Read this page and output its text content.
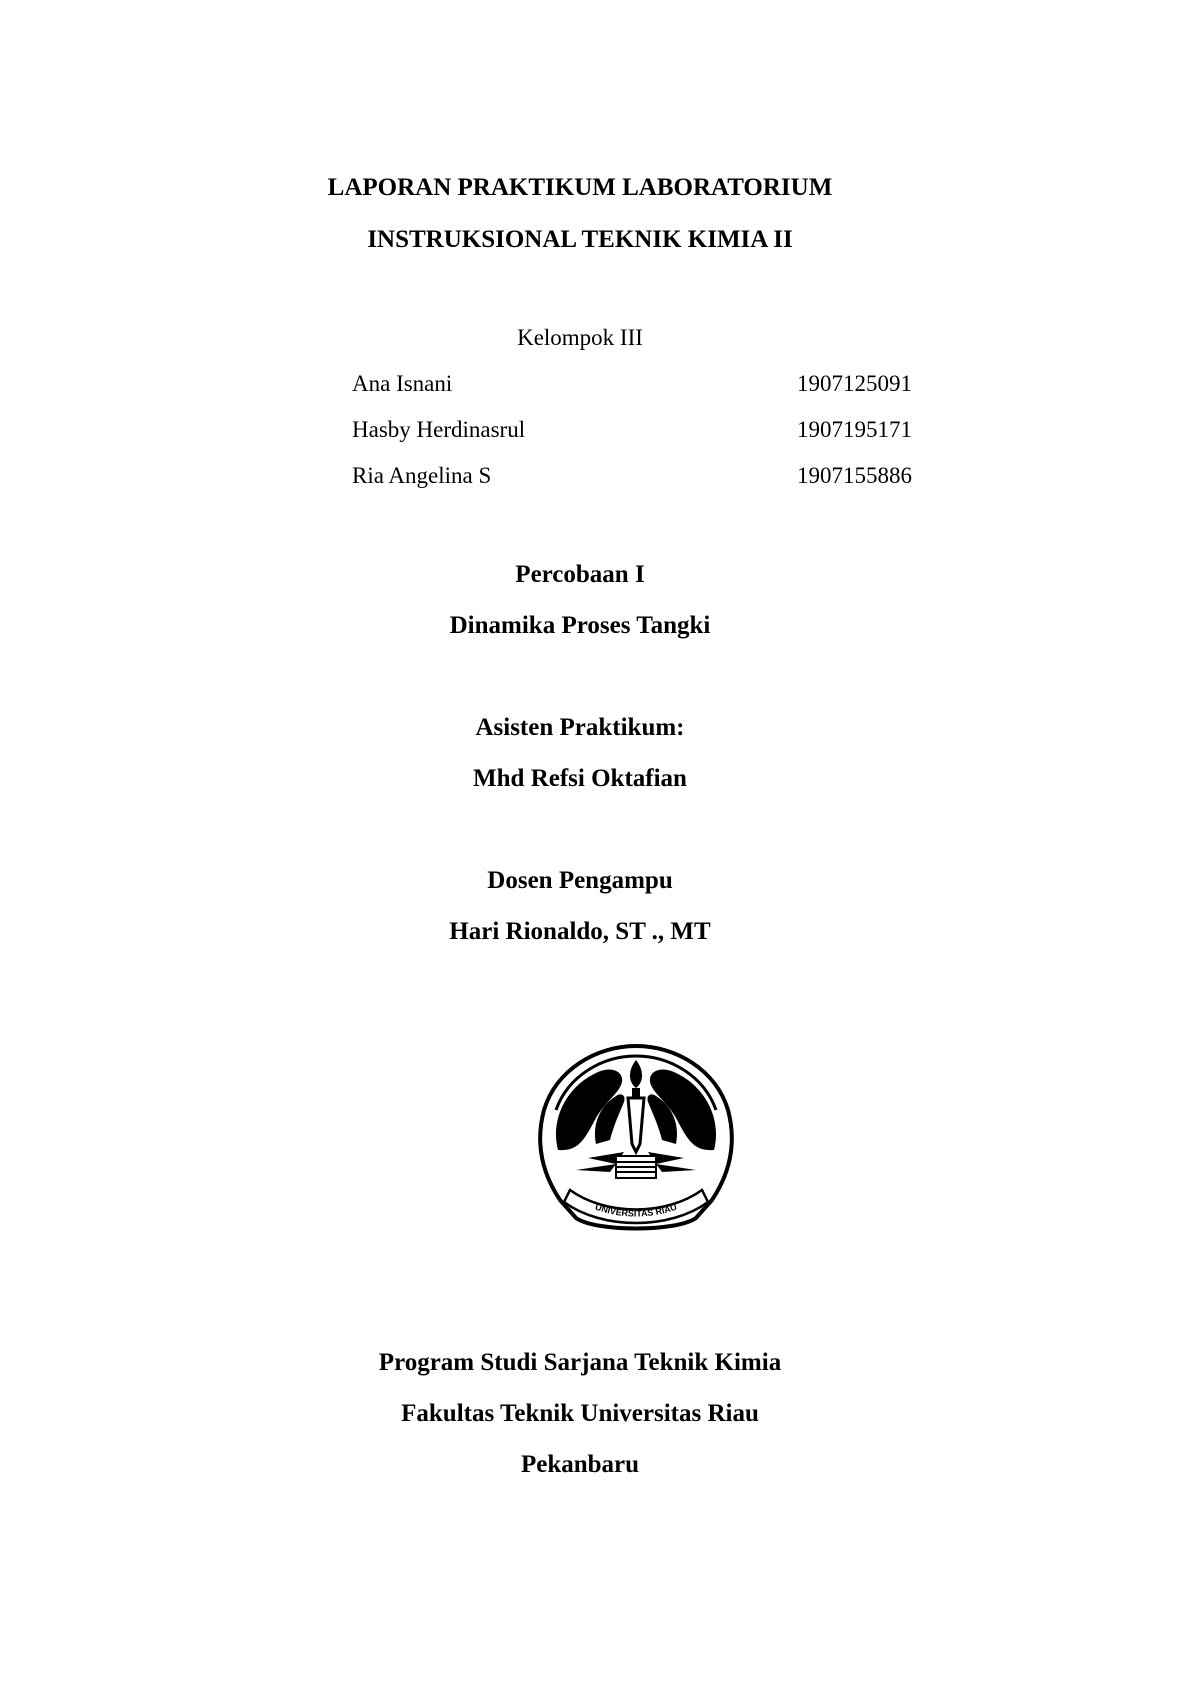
LAPORAN PRAKTIKUM LABORATORIUM
INSTRUKSIONAL TEKNIK KIMIA II
Kelompok III
Ana Isnani	1907125091
Hasby Herdinasrul	1907195171
Ria Angelina S	1907155886
Percobaan I
Dinamika Proses Tangki
Asisten Praktikum:
Mhd Refsi Oktafian
Dosen Pengampu
Hari Rionaldo, ST ., MT
UNIVERSITAS RIAU
Program Studi Sarjana Teknik Kimia
Fakultas Teknik Universitas Riau
Pekanbaru
